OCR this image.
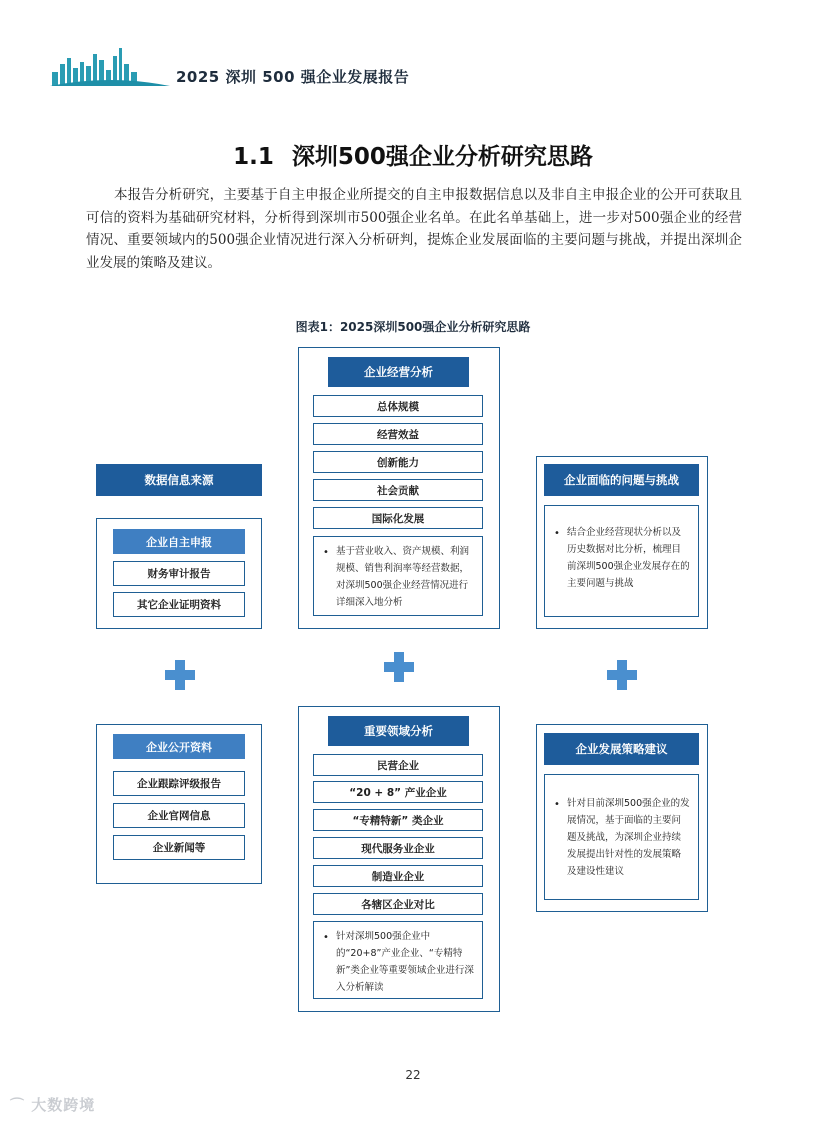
2025 深圳 500 强企业发展报告
1.1 深圳500强企业分析研究思路
本报告分析研究，主要基于自主申报企业所提交的自主申报数据信息以及非自主申报企业的公开可获取且可信的资料为基础研究材料，分析得到深圳市500强企业名单。在此名单基础上，进一步对500强企业的经营情况、重要领域内的500强企业情况进行深入分析研判，提炼企业发展面临的主要问题与挑战，并提出深圳企业发展的策略及建议。
图表1：2025深圳500强企业分析研究思路
数据信息来源
企业自主申报
财务审计报告
其它企业证明资料
企业公开资料
企业跟踪评级报告
企业官网信息
企业新闻等
企业经营分析
总体规模
经营效益
创新能力
社会贡献
国际化发展
• 基于营业收入、资产规模、利润规模、销售利润率等经营数据，对深圳500强企业经营情况进行详细深入地分析
重要领域分析
民营企业
“20 + 8” 产业企业
“专精特新” 类企业
现代服务业企业
制造业企业
各辖区企业对比
• 针对深圳500强企业中的“20+8”产业企业、“专精特新”类企业等重要领域企业进行深入分析解读
企业面临的问题与挑战
• 结合企业经营现状分析以及历史数据对比分析，梳理目前深圳500强企业发展存在的主要问题与挑战
企业发展策略建议
• 针对目前深圳500强企业的发展情况，基于面临的主要问题及挑战，为深圳企业持续发展提出针对性的发展策略及建设性建议
22
⌒ 大数跨境
